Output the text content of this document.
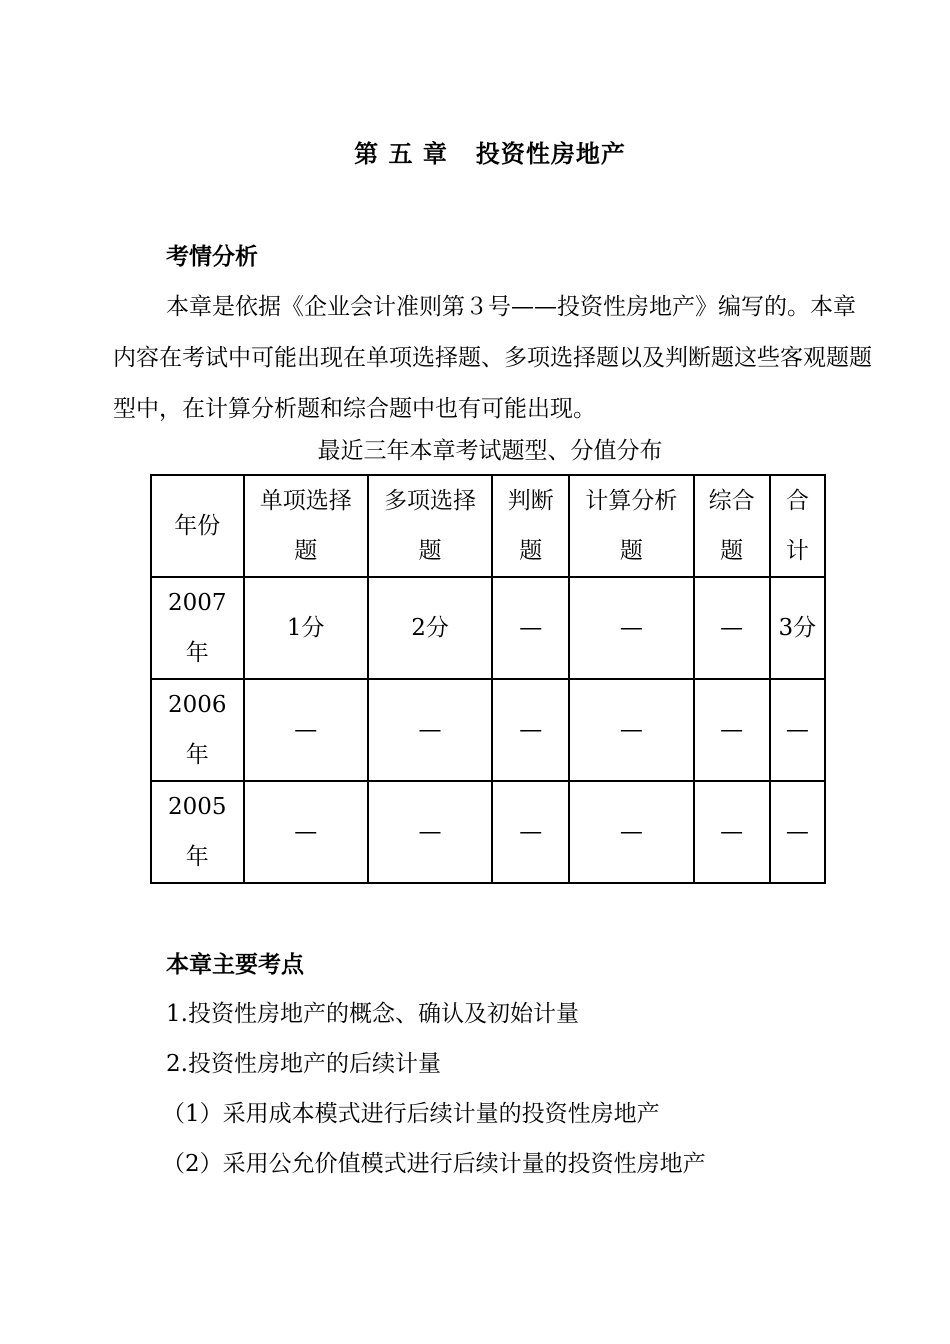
第 五 章   投资性房地产
考情分析
本章是依据《企业会计准则第３号——投资性房地产》编写的。本章内容在考试中可能出现在单项选择题、多项选择题以及判断题这些客观题题型中，在计算分析题和综合题中也有可能出现。
最近三年本章考试题型、分值分布
年份	单项选择题	多项选择题	判断题	计算分析题	综合题	合计
2007年	1分	2分	—	—	—	3分
2006年	—	—	—	—	—	—
2005年	—	—	—	—	—	—
本章主要考点
1.投资性房地产的概念、确认及初始计量
2.投资性房地产的后续计量
（1）采用成本模式进行后续计量的投资性房地产
（2）采用公允价值模式进行后续计量的投资性房地产
